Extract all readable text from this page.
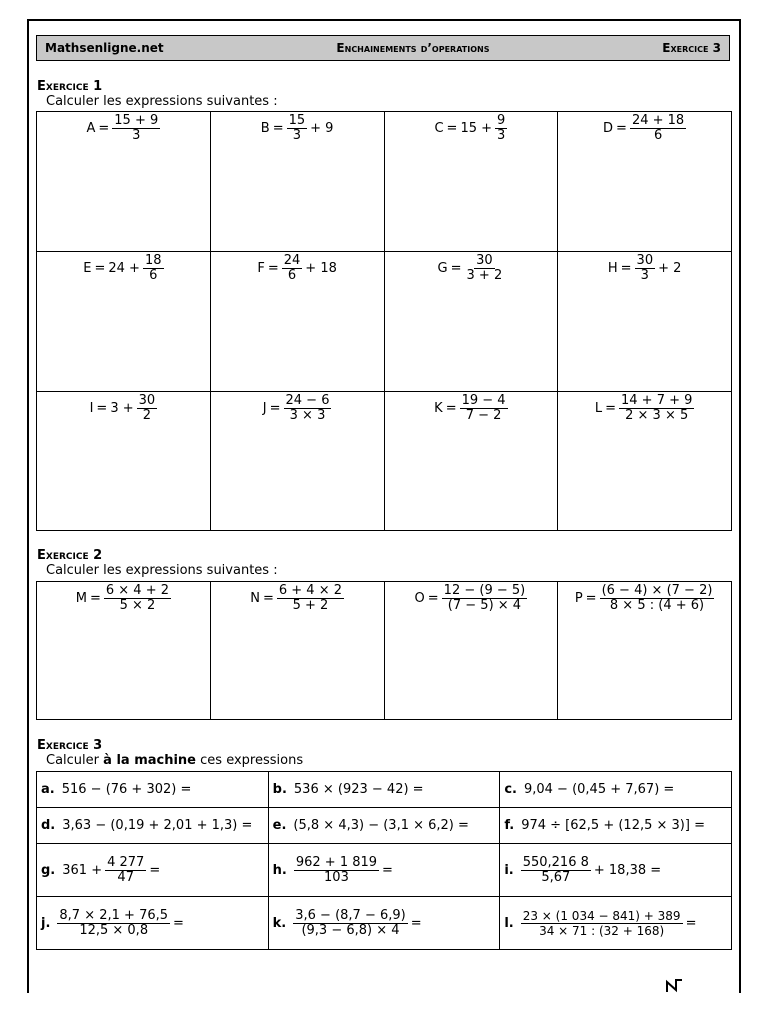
Mathsenligne.net	Enchainements d’operations	Exercice 3
Exercice 1
Calculer les expressions suivantes :
$A = \frac{15 + 9}{3}$	$B = \frac{15}{3} + 9$	$C = 15 + \frac{9}{3}$	$D = \frac{24 + 18}{6}$

$E = 24 + \frac{18}{6}$	$F = \frac{24}{6} + 18$	$G = \frac{30}{3 + 2}$	$H = \frac{30}{3} + 2$

$I = 3 + \frac{30}{2}$	$J = \frac{24 - 6}{3 \times 3}$	$K = \frac{19 - 4}{7 - 2}$	$L = \frac{14 + 7 + 9}{2 \times 3 \times 5}$
Exercice 2
Calculer les expressions suivantes :
$M = \frac{6 \times 4 + 2}{5 \times 2}$	$N = \frac{6 + 4 \times 2}{5 + 2}$	$O = \frac{12 - (9 - 5)}{(7 - 5) \times 4}$	$P = \frac{(6 - 4) \times (7 - 2)}{8 \times 5 : (4 + 6)}$
Exercice 3
Calculer à la machine ces expressions
a. 516 − (76 + 302) =	b. 536 × (923 − 42) =	c. 9,04 − (0,45 + 7,67) =

d. 3,63 − (0,19 + 2,01 + 1,3) =	e. (5,8 × 4,3) − (3,1 × 6,2) =	f. 974 ÷ [62,5 + (12,5 × 3)] =

g. $361 + \frac{4 277}{47}$ =	h. $\frac{962 + 1 819}{103}$ =	i. $\frac{550,216 8}{5,67} + 18,38$ =

j. $\frac{8,7 \times 2,1 + 76,5}{12,5 \times 0,8}$ =	k. $\frac{3,6 - (8,7 - 6,9)}{(9,3 - 6,8) \times 4}$ =	l. $\frac{23 \times (1 034 - 841) + 389}{34 \times 71 : (32 + 168)}$ =
